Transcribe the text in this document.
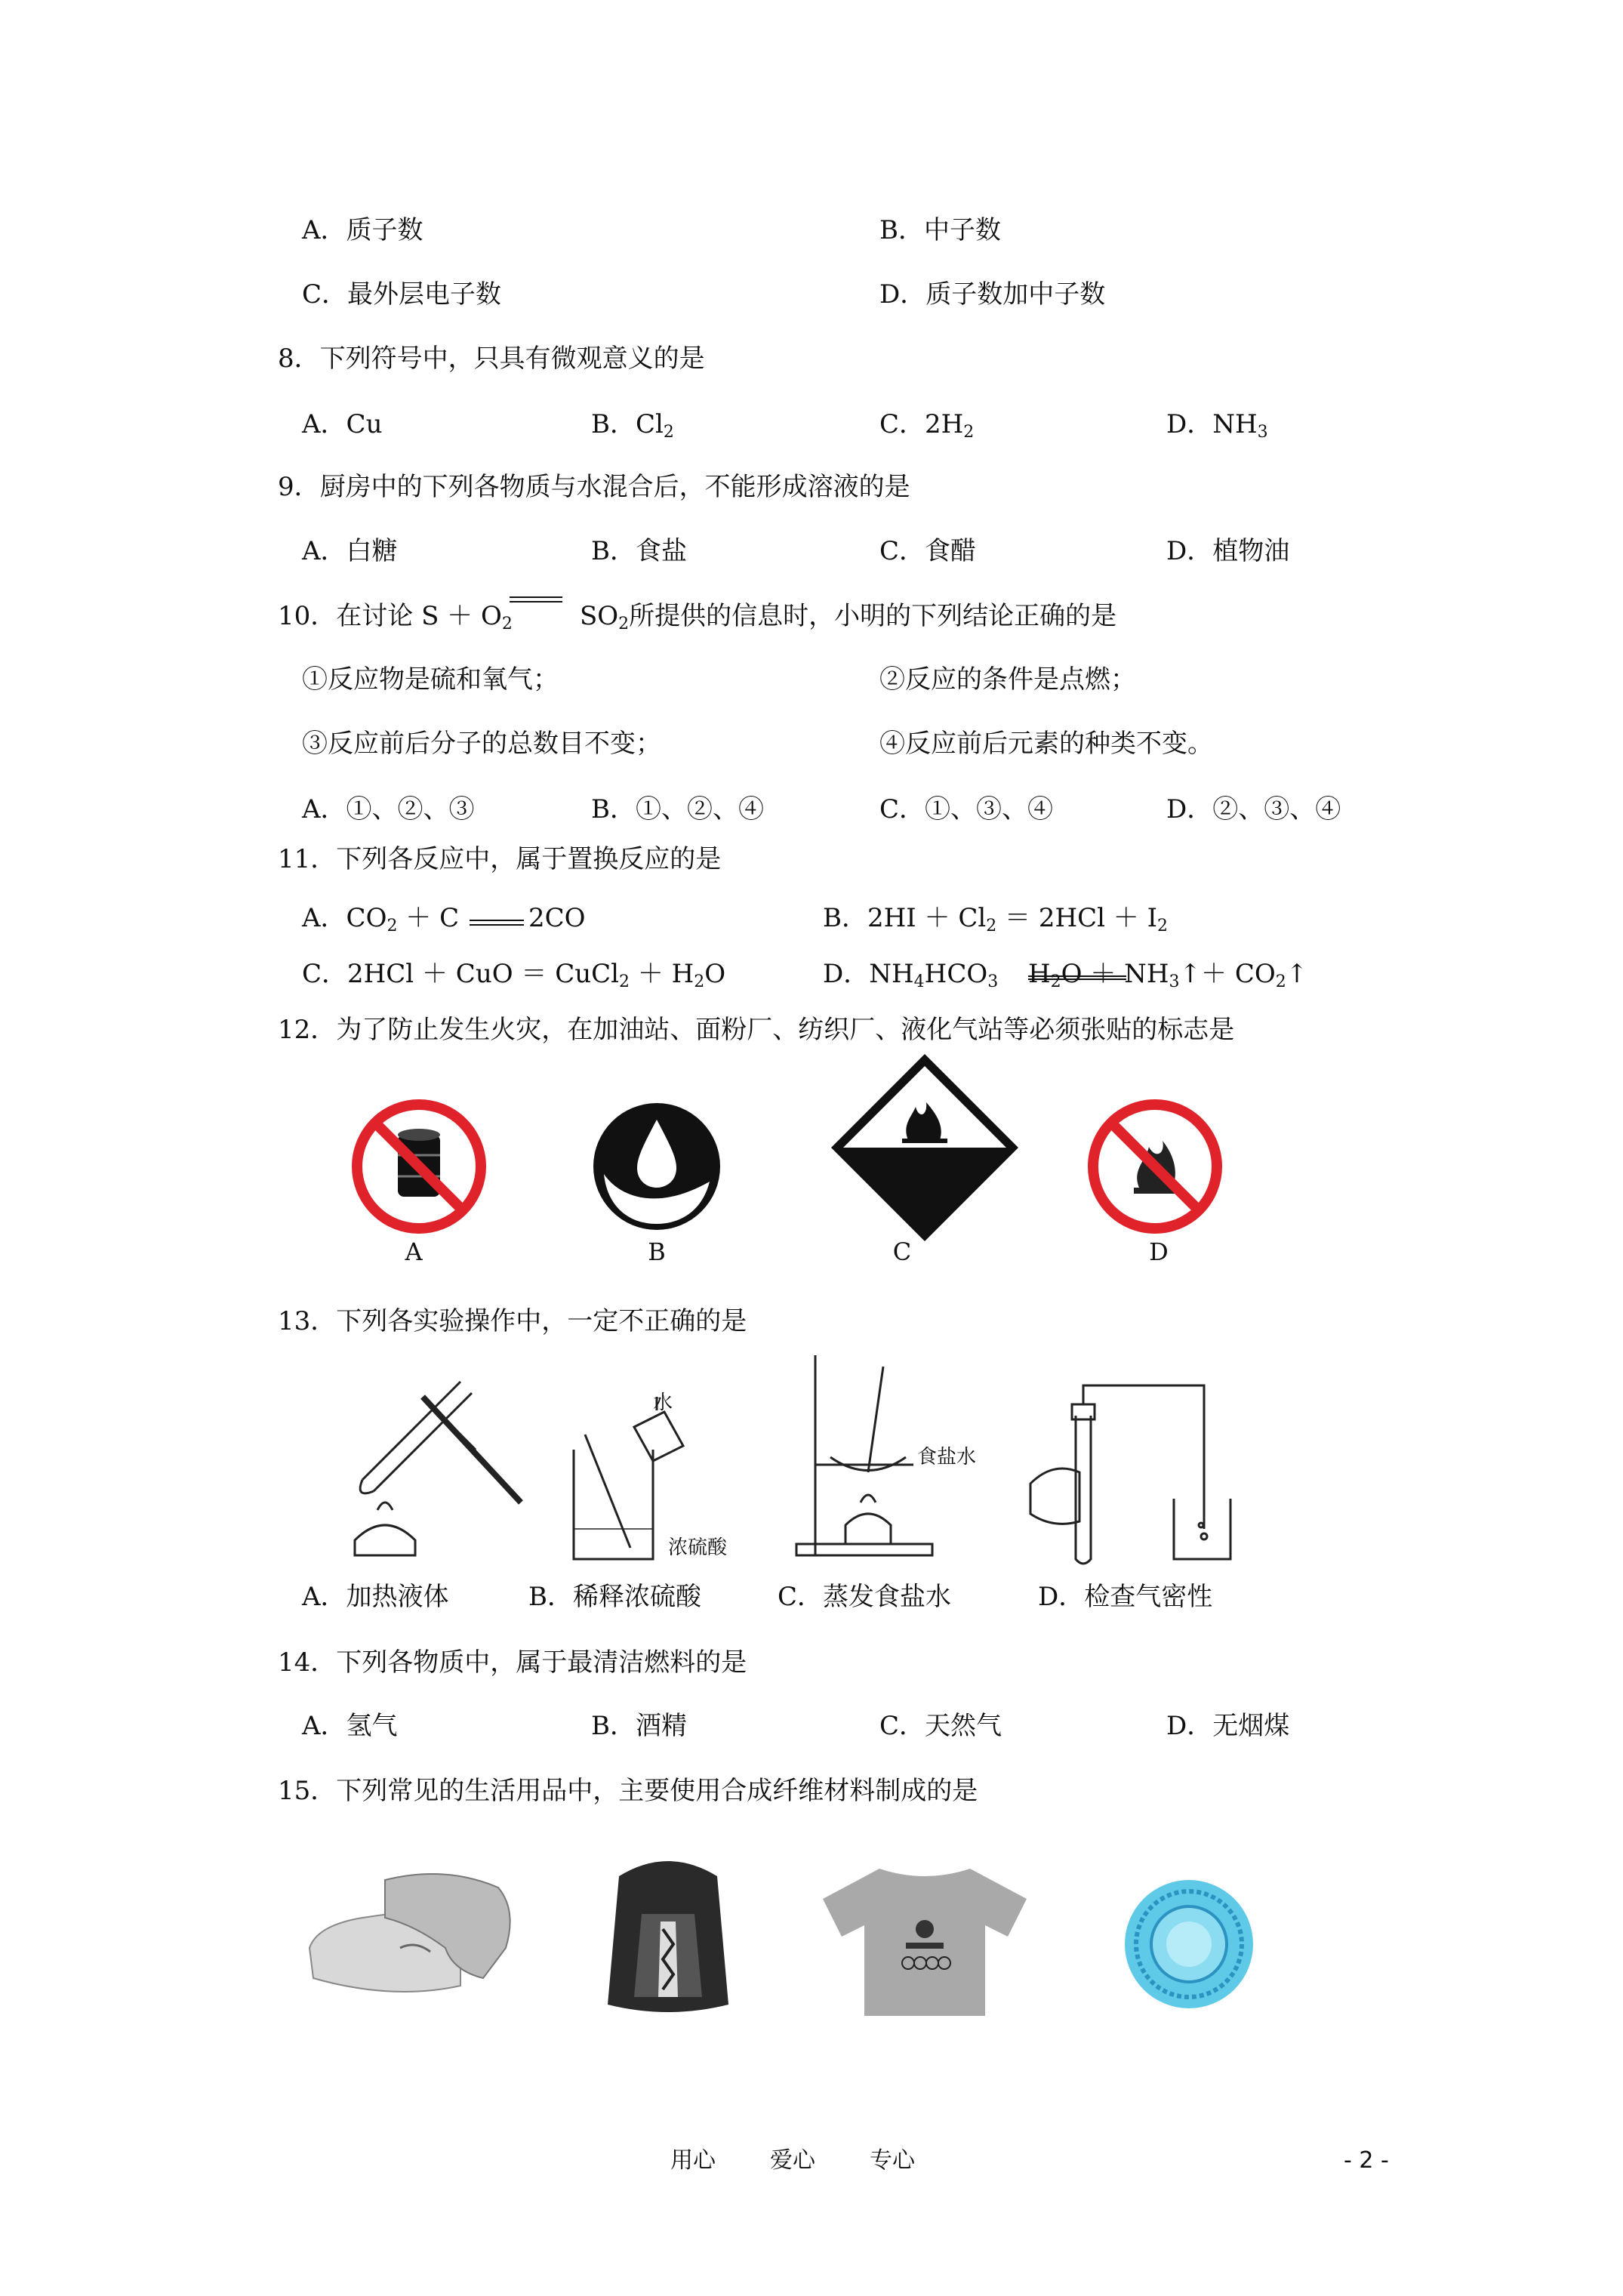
A．质子数	B．中子数
C．最外层电子数	D．质子数加中子数
8．下列符号中，只具有微观意义的是
A．Cu	B．$Cl_2$	C．$2H_2$	D．$NH_3$
9．厨房中的下列各物质与水混合后，不能形成溶液的是
A．白糖	B．食盐	C．食醋	D．植物油
10．在讨论 $S + O_2$	$SO_2$所提供的信息时，小明的下列结论正确的是
①反应物是硫和氧气；	②反应的条件是点燃；
③反应前后分子的总数目不变；	④反应前后元素的种类不变。
A．①、②、③	B．①、②、④	C．①、③、④	D．②、③、④
11．下列各反应中，属于置换反应的是
A．$CO_2 + C$	2CO	B．$2HI + Cl_2 = 2HCl + I_2$
C．2HCl ＋ CuO ＝ CuCl$_2$ ＋ $H_2O$	D．$NH_4HCO_3$ $H_2O$ ＋ $NH_3↑+$ $CO_2↑$
12．为了防止发生火灾，在加油站、面粉厂、纺织厂、液化气站等必须张贴的标志是
A	B	C	D
13．下列各实验操作中，一定不正确的是
水
浓硫酸
食盐水
A．加热液体	B．稀释浓硫酸	C．蒸发食盐水	D．检查气密性
14．下列各物质中，属于最清洁燃料的是
A．氢气	B．酒精	C．天然气	D．无烟煤
15．下列常见的生活用品中，主要使用合成纤维材料制成的是
用心 爱心 专心	- 2 -
